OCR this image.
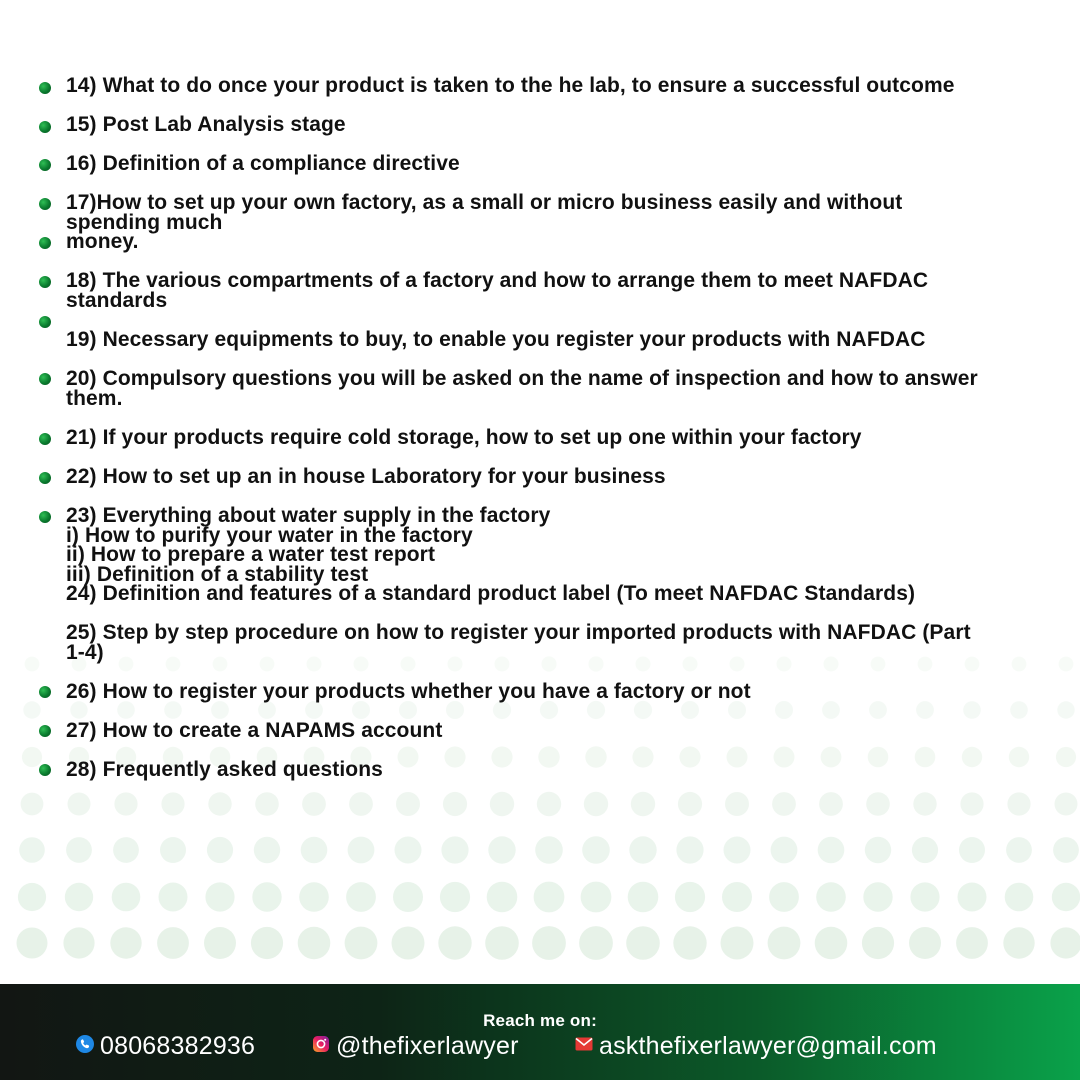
14) What to do once your product is taken to the he lab, to ensure a successful outcome

15) Post Lab Analysis stage

16) Definition of a compliance directive

17)How to set up your own factory, as a small or micro business easily and without

spending much

money.

18) The various compartments of a factory and how to arrange them to meet NAFDAC

standards

19) Necessary equipments to buy, to enable you register your products with NAFDAC

20) Compulsory questions you will be asked on the name of inspection and how to answer

them.

21) If your products require cold storage, how to set up one within your factory

22) How to set up an in house Laboratory for your business

23) Everything about water supply in the factory

i) How to purify your water in the factory

ii) How to prepare a water test report

iii) Definition of a stability test

24) Definition and features of a standard product label (To meet NAFDAC Standards)

25) Step by step procedure on how to register your imported products with NAFDAC (Part

1-4)

26) How to register your products whether you have a factory or not

27) How to create a NAPAMS account

28) Frequently asked questions

Reach me on:
08068382936	@thefixerlawyer	askthefixerlawyer@gmail.com
